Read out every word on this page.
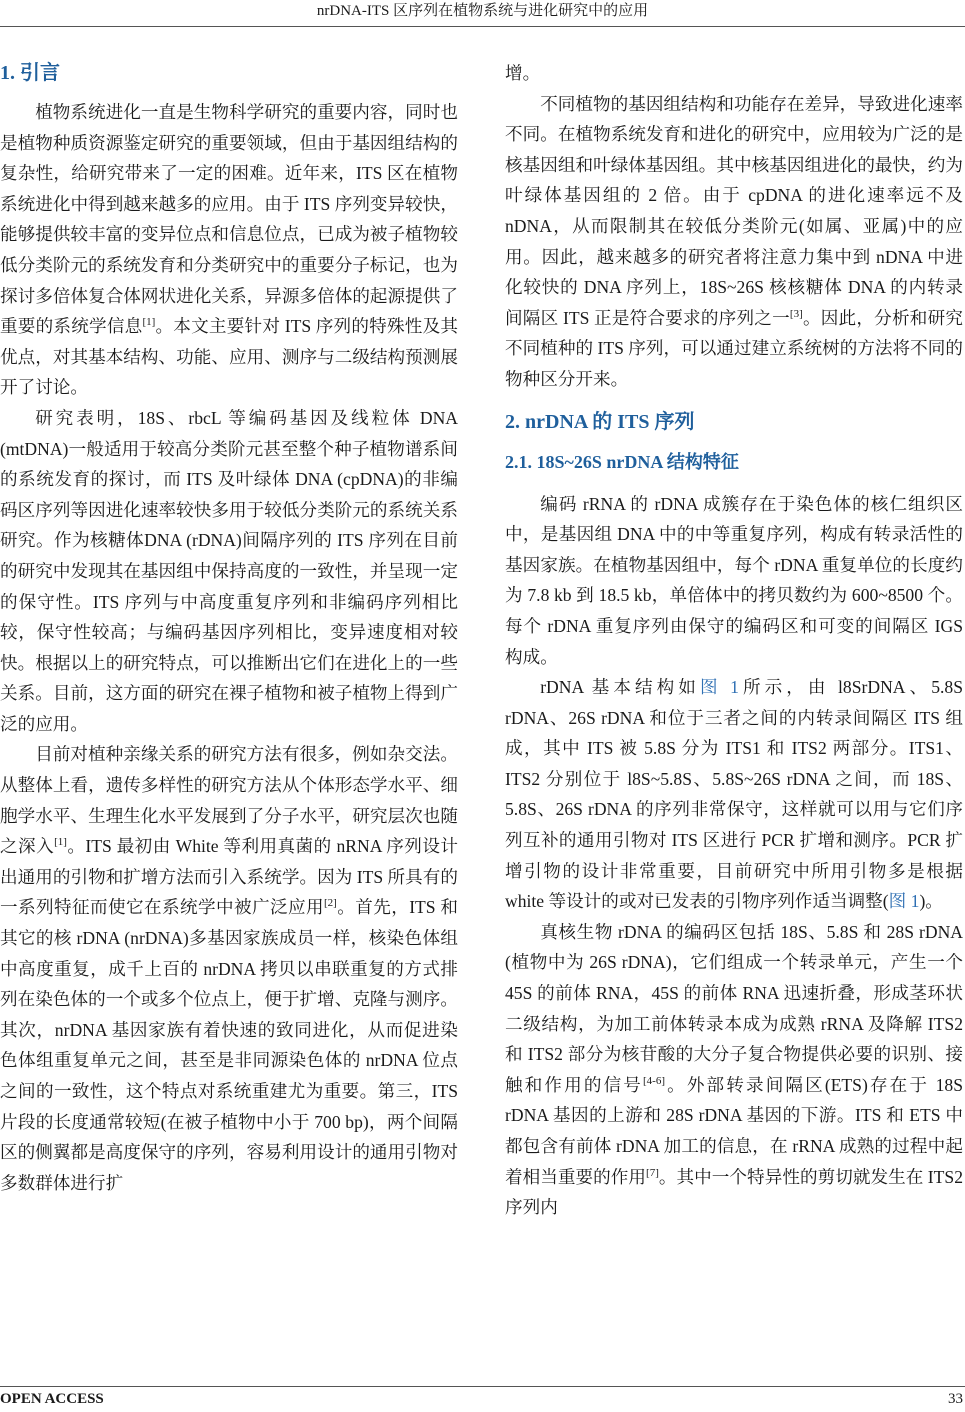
nrDNA-ITS 区序列在植物系统与进化研究中的应用
1. 引言

植物系统进化一直是生物科学研究的重要内容，同时也是植物种质资源鉴定研究的重要领域，但由于基因组结构的复杂性，给研究带来了一定的困难。近年来，ITS 区在植物系统进化中得到越来越多的应用。由于 ITS 序列变异较快，能够提供较丰富的变异位点和信息位点，已成为被子植物较低分类阶元的系统发育和分类研究中的重要分子标记，也为探讨多倍体复合体网状进化关系，异源多倍体的起源提供了重要的系统学信息[1]。本文主要针对 ITS 序列的特殊性及其优点，对其基本结构、功能、应用、测序与二级结构预测展开了讨论。

研究表明，18S、rbcL 等编码基因及线粒体 DNA (mtDNA)一般适用于较高分类阶元甚至整个种子植物谱系间的系统发育的探讨，而 ITS 及叶绿体 DNA (cpDNA)的非编码区序列等因进化速率较快多用于较低分类阶元的系统关系研究。作为核糖体DNA (rDNA)间隔序列的 ITS 序列在目前的研究中发现其在基因组中保持高度的一致性，并呈现一定的保守性。ITS 序列与中高度重复序列和非编码序列相比较，保守性较高；与编码基因序列相比，变异速度相对较快。根据以上的研究特点，可以推断出它们在进化上的一些关系。目前，这方面的研究在裸子植物和被子植物上得到广泛的应用。

目前对植种亲缘关系的研究方法有很多，例如杂交法。从整体上看，遗传多样性的研究方法从个体形态学水平、细胞学水平、生理生化水平发展到了分子水平，研究层次也随之深入[1]。ITS 最初由 White 等利用真菌的 nRNA 序列设计出通用的引物和扩增方法而引入系统学。因为 ITS 所具有的一系列特征而使它在系统学中被广泛应用[2]。首先，ITS 和其它的核 rDNA (nrDNA)多基因家族成员一样，核染色体组中高度重复，成千上百的 nrDNA 拷贝以串联重复的方式排列在染色体的一个或多个位点上，便于扩增、克隆与测序。其次，nrDNA 基因家族有着快速的致同进化，从而促进染色体组重复单元之间，甚至是非同源染色体的 nrDNA 位点之间的一致性，这个特点对系统重建尤为重要。第三，ITS 片段的长度通常较短(在被子植物中小于 700 bp)，两个间隔区的侧翼都是高度保守的序列，容易利用设计的通用引物对多数群体进行扩

增。

不同植物的基因组结构和功能存在差异，导致进化速率不同。在植物系统发育和进化的研究中，应用较为广泛的是核基因组和叶绿体基因组。其中核基因组进化的最快，约为叶绿体基因组的 2 倍。由于 cpDNA 的进化速率远不及 nDNA，从而限制其在较低分类阶元(如属、亚属)中的应用。因此，越来越多的研究者将注意力集中到 nDNA 中进化较快的 DNA 序列上，18S~26S 核核糖体 DNA 的内转录间隔区 ITS 正是符合要求的序列之一[3]。因此，分析和研究不同植种的 ITS 序列，可以通过建立系统树的方法将不同的物种区分开来。

2. nrDNA 的 ITS 序列
2.1. 18S~26S nrDNA 结构特征

编码 rRNA 的 rDNA 成簇存在于染色体的核仁组织区中，是基因组 DNA 中的中等重复序列，构成有转录活性的基因家族。在植物基因组中，每个 rDNA 重复单位的长度约为 7.8 kb 到 18.5 kb，单倍体中的拷贝数约为 600~8500 个。每个 rDNA 重复序列由保守的编码区和可变的间隔区 IGS 构成。

rDNA 基本结构如图 1所示，由 l8SrDNA、5.8S rDNA、26S rDNA 和位于三者之间的内转录间隔区 ITS 组成，其中 ITS 被 5.8S 分为 ITS1 和 ITS2 两部分。ITS1、ITS2 分别位于 l8S~5.8S、5.8S~26S rDNA 之间，而 18S、5.8S、26S rDNA 的序列非常保守，这样就可以用与它们序列互补的通用引物对 ITS 区进行 PCR 扩增和测序。PCR 扩增引物的设计非常重要，目前研究中所用引物多是根据 white 等设计的或对已发表的引物序列作适当调整(图 1)。

真核生物 rDNA 的编码区包括 18S、5.8S 和 28S rDNA (植物中为 26S rDNA)，它们组成一个转录单元，产生一个 45S 的前体 RNA，45S 的前体 RNA 迅速折叠，形成茎环状二级结构，为加工前体转录本成为成熟 rRNA 及降解 ITS2 和 ITS2 部分为核苷酸的大分子复合物提供必要的识别、接触和作用的信号[4-6]。外部转录间隔区(ETS)存在于 18S rDNA 基因的上游和 28S rDNA 基因的下游。ITS 和 ETS 中都包含有前体 rDNA 加工的信息，在 rRNA 成熟的过程中起着相当重要的作用[7]。其中一个特异性的剪切就发生在 ITS2 序列内

OPEN ACCESS	33
